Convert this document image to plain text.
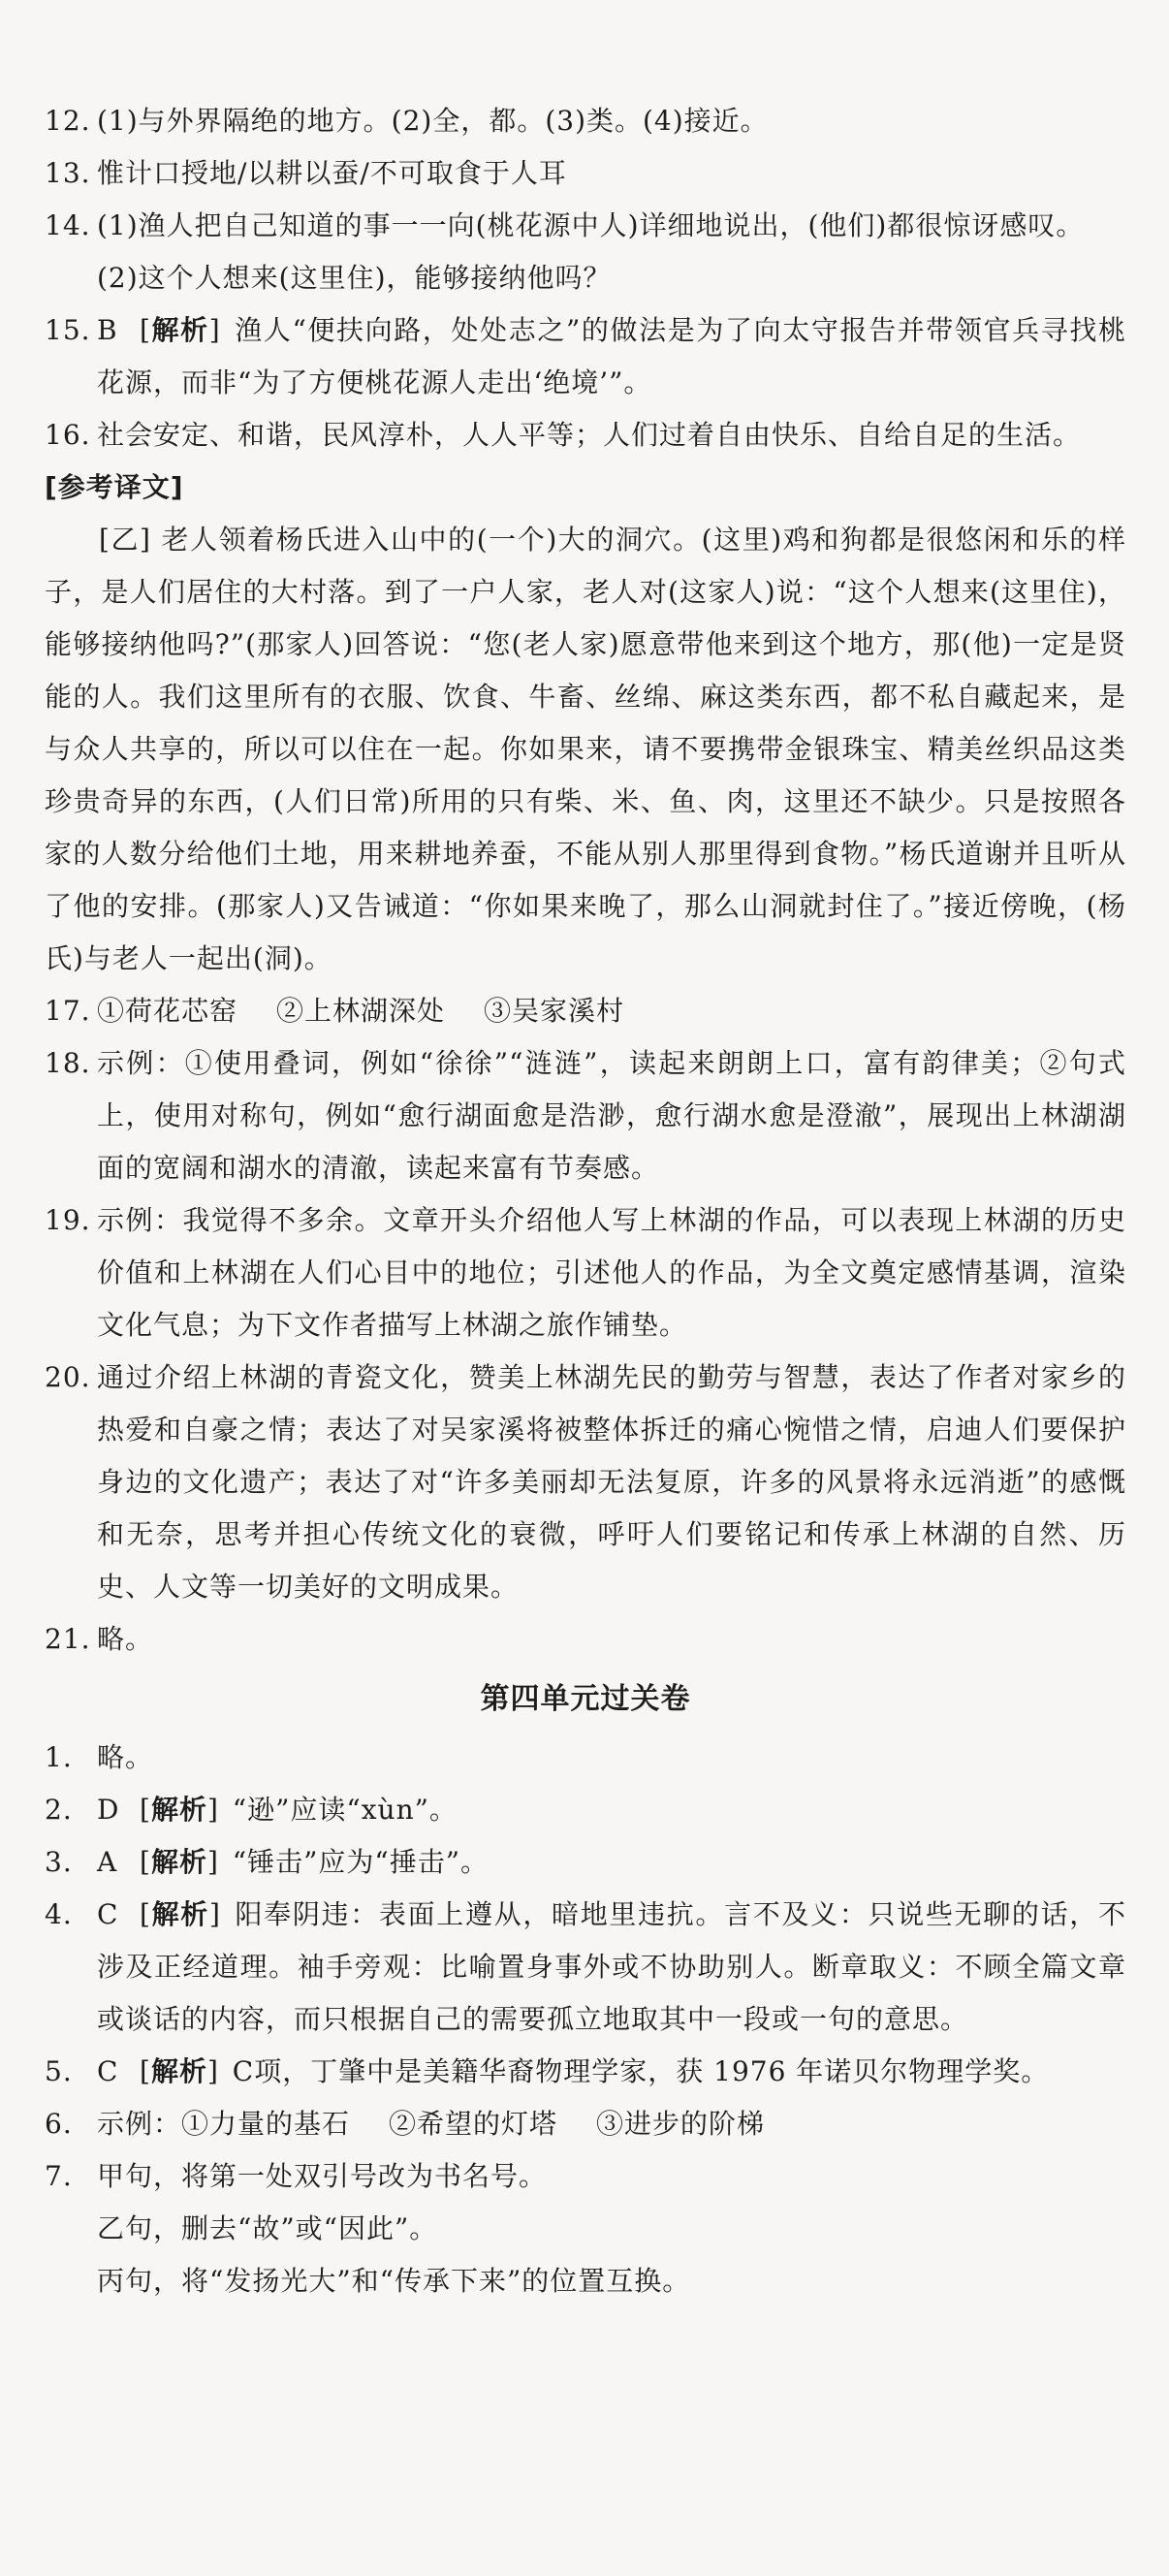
12. (1)与外界隔绝的地方。(2)全，都。(3)类。(4)接近。
13. 惟计口授地/以耕以蚕/不可取食于人耳
14. (1)渔人把自己知道的事一一向(桃花源中人)详细地说出，(他们)都很惊讶感叹。
(2)这个人想来(这里住)，能够接纳他吗？
15. B [解析] 渔人“便扶向路，处处志之”的做法是为了向太守报告并带领官兵寻找桃花源，而非“为了方便桃花源人走出‘绝境’”。
16. 社会安定、和谐，民风淳朴，人人平等；人们过着自由快乐、自给自足的生活。
[参考译文]
[乙] 老人领着杨氏进入山中的(一个)大的洞穴。(这里)鸡和狗都是很悠闲和乐的样子，是人们居住的大村落。到了一户人家，老人对(这家人)说：“这个人想来(这里住)，能够接纳他吗?”(那家人)回答说：“您(老人家)愿意带他来到这个地方，那(他)一定是贤能的人。我们这里所有的衣服、饮食、牛畜、丝绵、麻这类东西，都不私自藏起来，是与众人共享的，所以可以住在一起。你如果来，请不要携带金银珠宝、精美丝织品这类珍贵奇异的东西，(人们日常)所用的只有柴、米、鱼、肉，这里还不缺少。只是按照各家的人数分给他们土地，用来耕地养蚕，不能从别人那里得到食物。”杨氏道谢并且听从了他的安排。(那家人)又告诫道：“你如果来晚了，那么山洞就封住了。”接近傍晚，(杨氏)与老人一起出(洞)。
17. ①荷花芯窑 ②上林湖深处 ③吴家溪村
18. 示例：①使用叠词，例如“徐徐”“涟涟”，读起来朗朗上口，富有韵律美；②句式上，使用对称句，例如“愈行湖面愈是浩渺，愈行湖水愈是澄澈”，展现出上林湖湖面的宽阔和湖水的清澈，读起来富有节奏感。
19. 示例：我觉得不多余。文章开头介绍他人写上林湖的作品，可以表现上林湖的历史价值和上林湖在人们心目中的地位；引述他人的作品，为全文奠定感情基调，渲染文化气息；为下文作者描写上林湖之旅作铺垫。
20. 通过介绍上林湖的青瓷文化，赞美上林湖先民的勤劳与智慧，表达了作者对家乡的热爱和自豪之情；表达了对吴家溪将被整体拆迁的痛心惋惜之情，启迪人们要保护身边的文化遗产；表达了对“许多美丽却无法复原，许多的风景将永远消逝”的感慨和无奈，思考并担心传统文化的衰微，呼吁人们要铭记和传承上林湖的自然、历史、人文等一切美好的文明成果。
21. 略。
第四单元过关卷
1. 略。
2. D [解析] “逊”应读“xùn”。
3. A [解析] “锤击”应为“捶击”。
4. C [解析] 阳奉阴违：表面上遵从，暗地里违抗。言不及义：只说些无聊的话，不涉及正经道理。袖手旁观：比喻置身事外或不协助别人。断章取义：不顾全篇文章或谈话的内容，而只根据自己的需要孤立地取其中一段或一句的意思。
5. C [解析] C项，丁肇中是美籍华裔物理学家，获 1976 年诺贝尔物理学奖。
6. 示例：①力量的基石 ②希望的灯塔 ③进步的阶梯
7. 甲句，将第一处双引号改为书名号。
乙句，删去“故”或“因此”。
丙句，将“发扬光大”和“传承下来”的位置互换。
